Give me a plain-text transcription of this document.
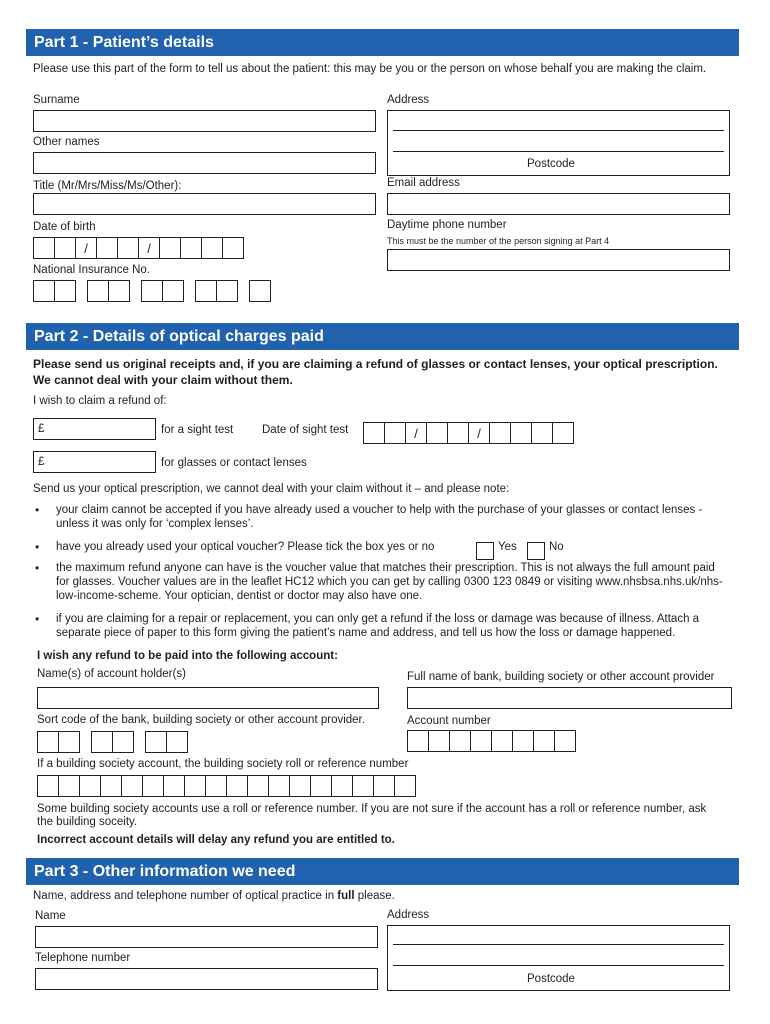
Part 1 - Patient’s details
Please use this part of the form to tell us about the patient: this may be you or the person on whose behalf you are making the claim.
Surname
Other names
Title (Mr/Mrs/Miss/Ms/Other):
Date of birth
/	/
National Insurance No.
Address
Postcode
Email address
Daytime phone number
This must be the number of the person signing at Part 4
Part 2 - Details of optical charges paid
Please send us original receipts and, if you are claiming a refund of glasses or contact lenses, your optical prescription. We cannot deal with your claim without them.
I wish to claim a refund of:
£	for a sight test	Date of sight test	/	/
£	for glasses or contact lenses
Send us your optical prescription, we cannot deal with your claim without it – and please note:
• your claim cannot be accepted if you have already used a voucher to help with the purchase of your glasses or contact lenses - unless it was only for ‘complex lenses’.
• have you already used your optical voucher? Please tick the box yes or no	Yes	No
• the maximum refund anyone can have is the voucher value that matches their prescription. This is not always the full amount paid for glasses. Voucher values are in the leaflet HC12 which you can get by calling 0300 123 0849 or visiting www.nhsbsa.nhs.uk/nhs-low-income-scheme. Your optician, dentist or doctor may also have one.
• if you are claiming for a repair or replacement, you can only get a refund if the loss or damage was because of illness. Attach a separate piece of paper to this form giving the patient’s name and address, and tell us how the loss or damage happened.
I wish any refund to be paid into the following account:
Name(s) of account holder(s)	Full name of bank, building society or other account provider
Sort code of the bank, building society or other account provider.	Account number
If a building society account, the building society roll or reference number
Some building society accounts use a roll or reference number. If you are not sure if the account has a roll or reference number, ask the building soceity.
Incorrect account details will delay any refund you are entitled to.
Part 3 - Other information we need
Name, address and telephone number of optical practice in full please.
Name
Telephone number
Address
Postcode
